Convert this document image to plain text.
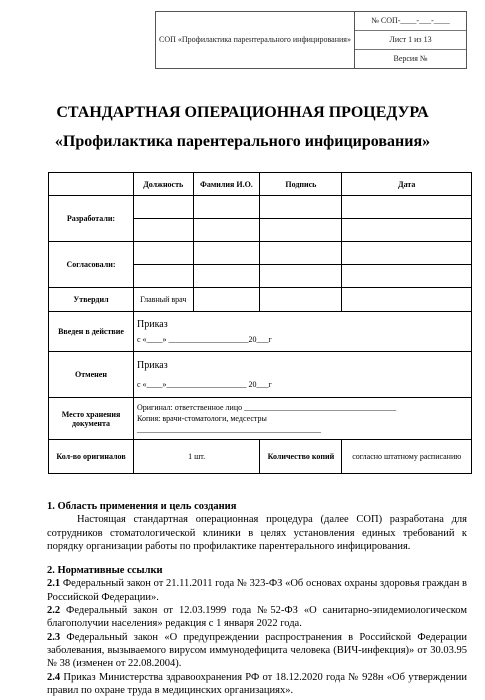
СОП «Профилактика парентерального инфицирования»
№ СОП-____-___-____
Лист 1 из 13
Версия №
СТАНДАРТНАЯ ОПЕРАЦИОННАЯ ПРОЦЕДУРА
«Профилактика парентерального инфицирования»
	Должность	Фамилия И.О.	Подпись	Дата
Разработали:				

Согласовали:				

Утвердил	Главный врач			
Введен в действие	Приказ
с «____» ____________________20___г			

Отменен	Приказ
с «____»____________________ 20___г			

Место хранения документа	Оригинал: ответственное лицо ______________________________________
Копия: врачи-стоматологи, медсестры
______________________________________________			

Кол-во оригиналов	1 шт.		Количество копий	согласно штатному расписанию

1. Область применения и цель создания

Настоящая стандартная операционная процедура (далее СОП) разработана для сотрудников стоматологической клиники в целях установления единых требований к порядку организации работы по профилактике парентерального инфицирования.

2. Нормативные ссылки

2.1 Федеральный закон от 21.11.2011 года № 323-ФЗ «Об основах охраны здоровья граждан в Российской Федерации».

2.2 Федеральный закон от 12.03.1999 года №52-ФЗ «О санитарно-эпидемиологическом благополучии населения» редакция с 1 января 2022 года.

2.3 Федеральный закон «О предупреждении распространения в Российской Федерации заболевания, вызываемого вирусом иммунодефицита человека (ВИЧ-инфекция)» от 30.03.95 № 38 (изменен от 22.08.2004).

2.4 Приказ Министерства здравоохранения РФ от 18.12.2020 года № 928н «Об утверждении правил по охране труда в медицинских организациях».
